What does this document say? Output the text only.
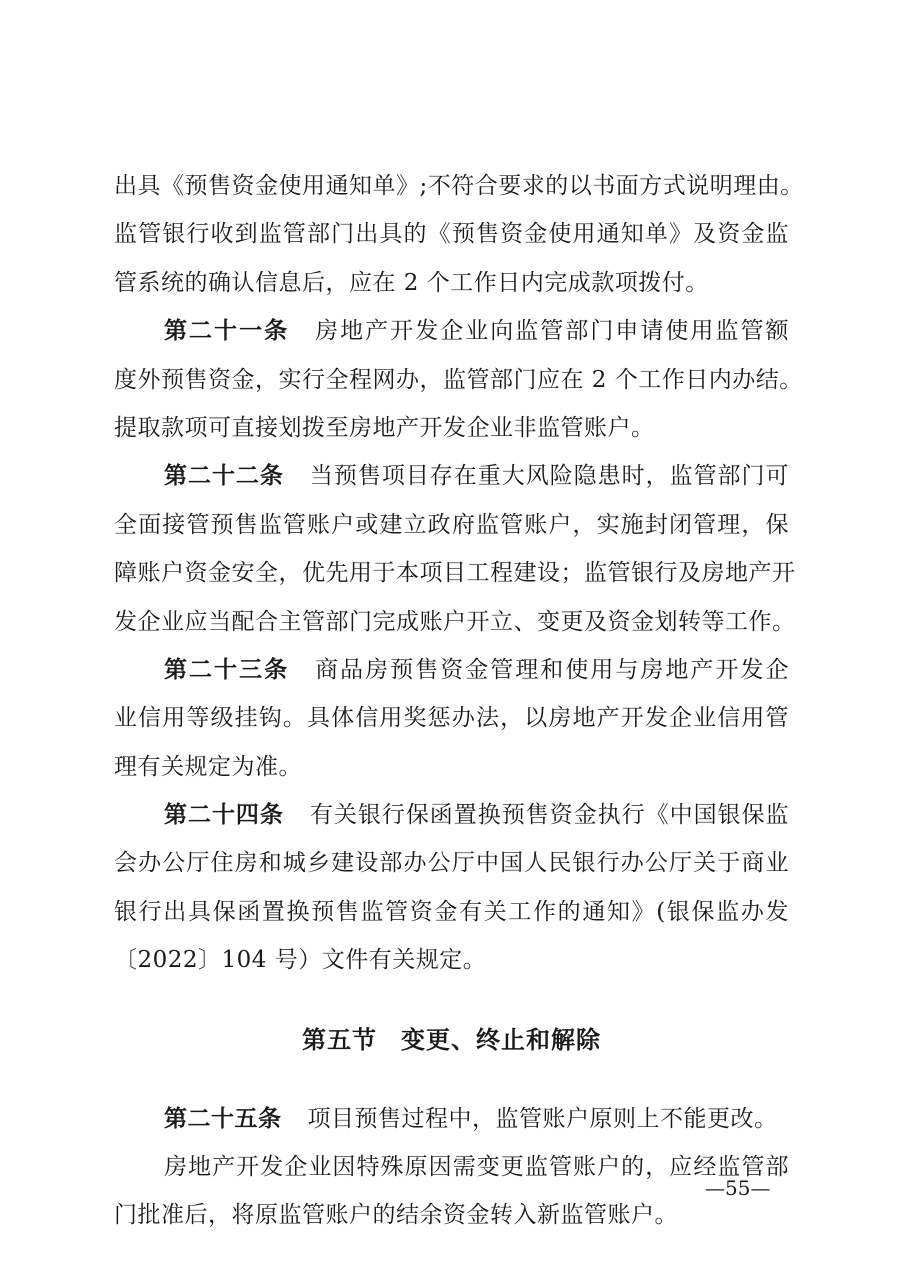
出具《预售资金使用通知单》;不符合要求的以书面方式说明理由。
监管银行收到监管部门出具的《预售资金使用通知单》及资金监
管系统的确认信息后，应在 2 个工作日内完成款项拨付。
第二十一条 房地产开发企业向监管部门申请使用监管额
度外预售资金，实行全程网办，监管部门应在 2 个工作日内办结。
提取款项可直接划拨至房地产开发企业非监管账户。
第二十二条 当预售项目存在重大风险隐患时，监管部门可
全面接管预售监管账户或建立政府监管账户，实施封闭管理，保
障账户资金安全，优先用于本项目工程建设；监管银行及房地产开
发企业应当配合主管部门完成账户开立、变更及资金划转等工作。
第二十三条 商品房预售资金管理和使用与房地产开发企
业信用等级挂钩。具体信用奖惩办法，以房地产开发企业信用管
理有关规定为准。
第二十四条 有关银行保函置换预售资金执行《中国银保监
会办公厅住房和城乡建设部办公厅中国人民银行办公厅关于商业
银行出具保函置换预售监管资金有关工作的通知》(银保监办发
〔2022〕104 号）文件有关规定。
第五节 变更、终止和解除
第二十五条 项目预售过程中，监管账户原则上不能更改。
房地产开发企业因特殊原因需变更监管账户的，应经监管部
门批准后，将原监管账户的结余资金转入新监管账户。
—55—
